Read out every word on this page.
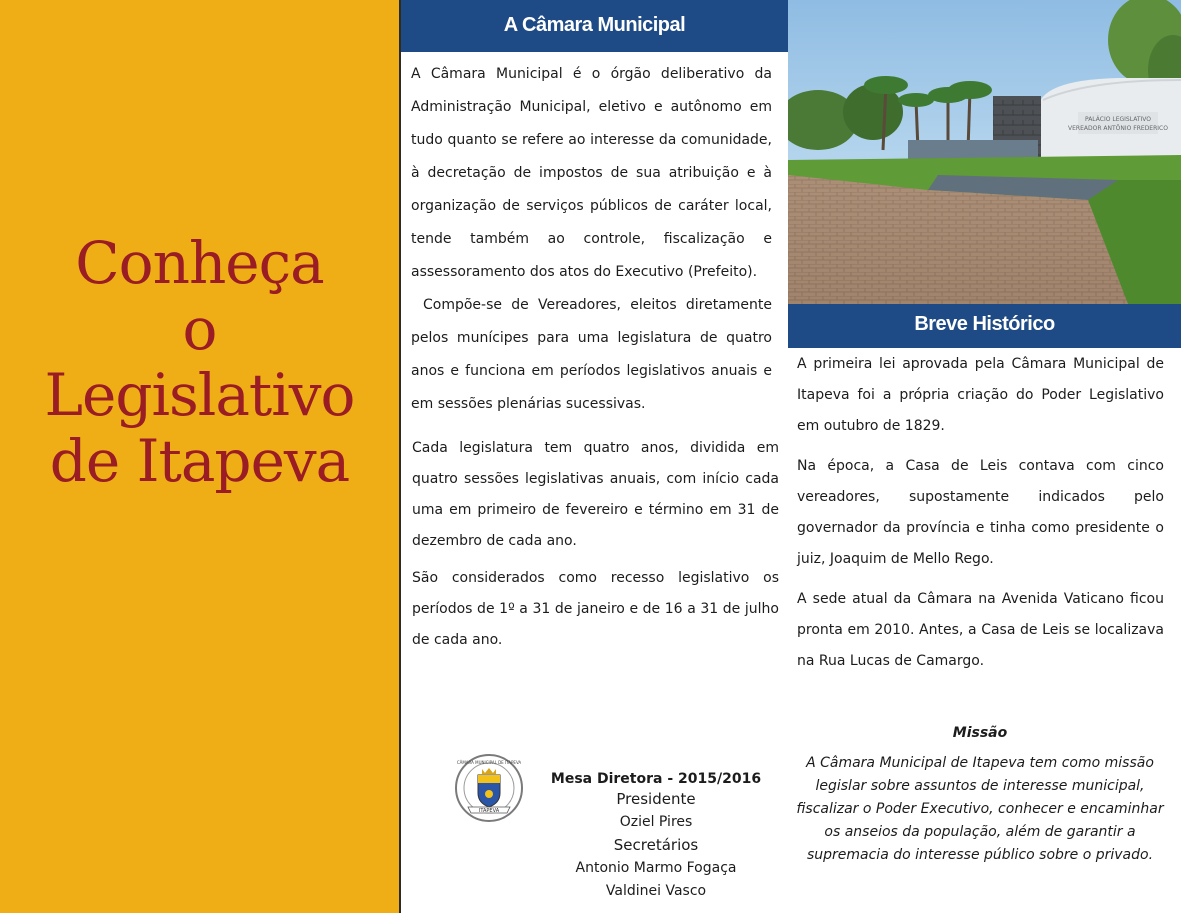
Conheça
o
Legislativo
de Itapeva
A Câmara Municipal

A Câmara Municipal é o órgão deliberativo da Administração Municipal, eletivo e autônomo em tudo quanto se refere ao interesse da comunidade, à decretação de impostos de sua atribuição e à organização de serviços públicos de caráter local, tende também ao controle, fiscalização e assessoramento dos atos do Executivo (Prefeito).

Compõe-se de Vereadores, eleitos diretamente pelos munícipes para uma legislatura de quatro anos e funciona em períodos legislativos anuais e em sessões plenárias sucessivas.

Cada legislatura tem quatro anos, dividida em quatro sessões legislativas anuais, com início cada uma em primeiro de fevereiro e término em 31 de dezembro de cada ano.

São considerados como recesso legislativo os períodos de 1º a 31 de janeiro e de 16 a 31 de julho de cada ano.

PALÁCIO LEGISLATIVO
VEREADOR ANTÔNIO FREDERICO
Breve Histórico

A primeira lei aprovada pela Câmara Municipal de Itapeva foi a própria criação do Poder Legislativo em outubro de 1829.

Na época, a Casa de Leis contava com cinco vereadores, supostamente indicados pelo governador da província e tinha como presidente o juiz, Joaquim de Mello Rego.

A sede atual da Câmara na Avenida Vaticano ficou pronta em 2010. Antes, a Casa de Leis se localizava na Rua Lucas de Camargo.

ITAPEVA
CÂMARA MUNICIPAL DE ITAPEVA
Mesa Diretora - 2015/2016
Presidente
Oziel Pires
Secretários
Antonio Marmo Fogaça
Valdinei Vasco
Missão
A Câmara Municipal de Itapeva tem como missão legislar sobre assuntos de interesse municipal, fiscalizar o Poder Executivo, conhecer e encaminhar os anseios da população, além de garantir a supremacia do interesse público sobre o privado.
